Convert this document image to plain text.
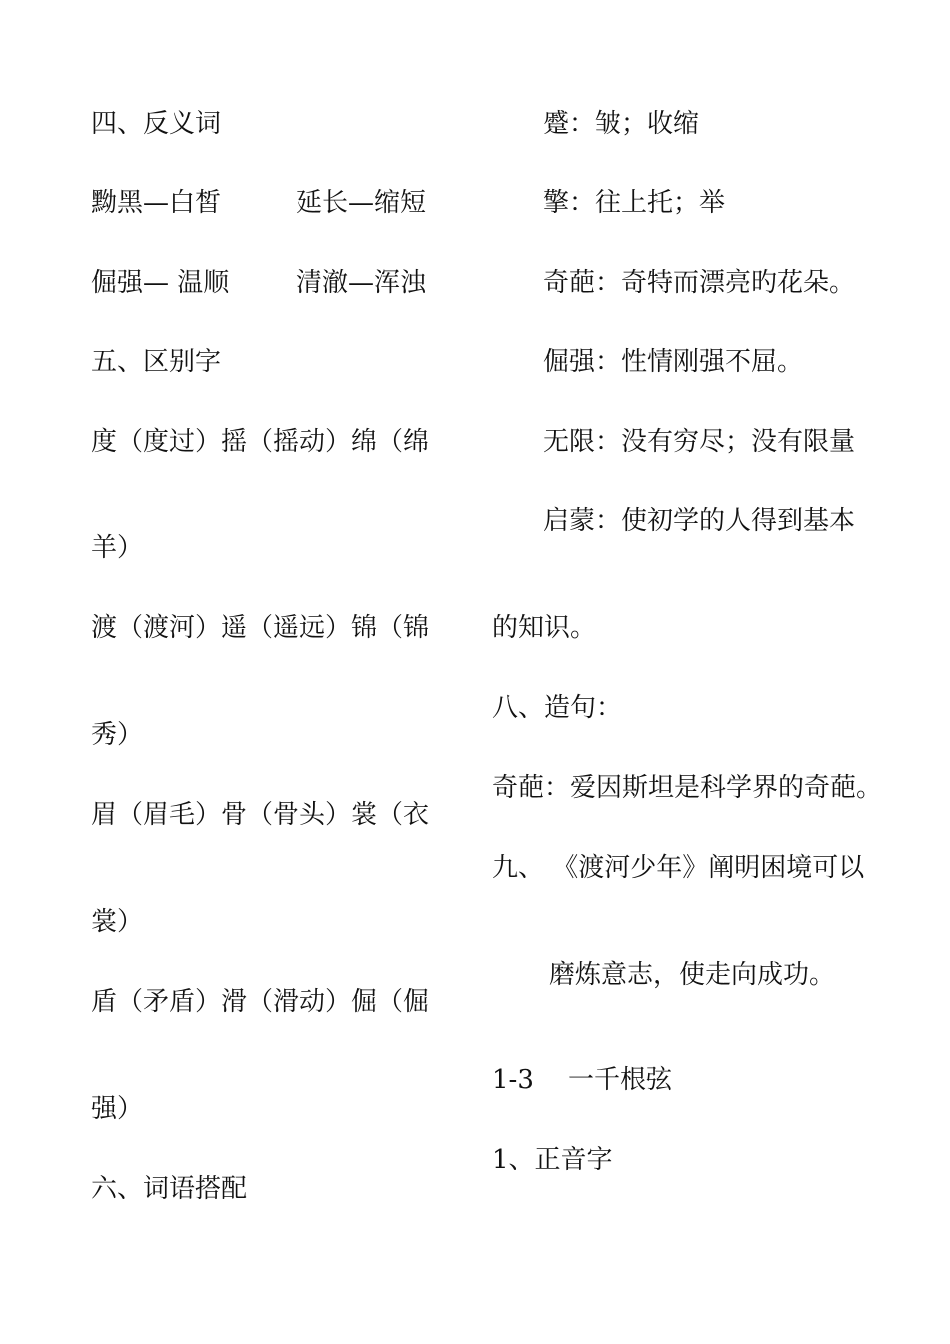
四、反义词
黝黑—白皙	延长—缩短
倔强— 温顺	清澈—浑浊
五、区别字
度（度过）摇（摇动）绵（绵
羊）
渡（渡河）遥（遥远）锦（锦
秀）
眉（眉毛）骨（骨头）裳（衣
裳）
盾（矛盾）滑（滑动）倔（倔
强）
六、词语搭配
蹙：皱；收缩
擎：往上托；举
奇葩：奇特而漂亮旳花朵。
倔强：性情刚强不屈。
无限：没有穷尽；没有限量
启蒙：使初学的人得到基本
的知识。
八、造句：
奇葩：爱因斯坦是科学界的奇葩。
九、 《渡河少年》阐明困境可以
磨炼意志，使走向成功。
1-3 一千根弦
1、正音字
